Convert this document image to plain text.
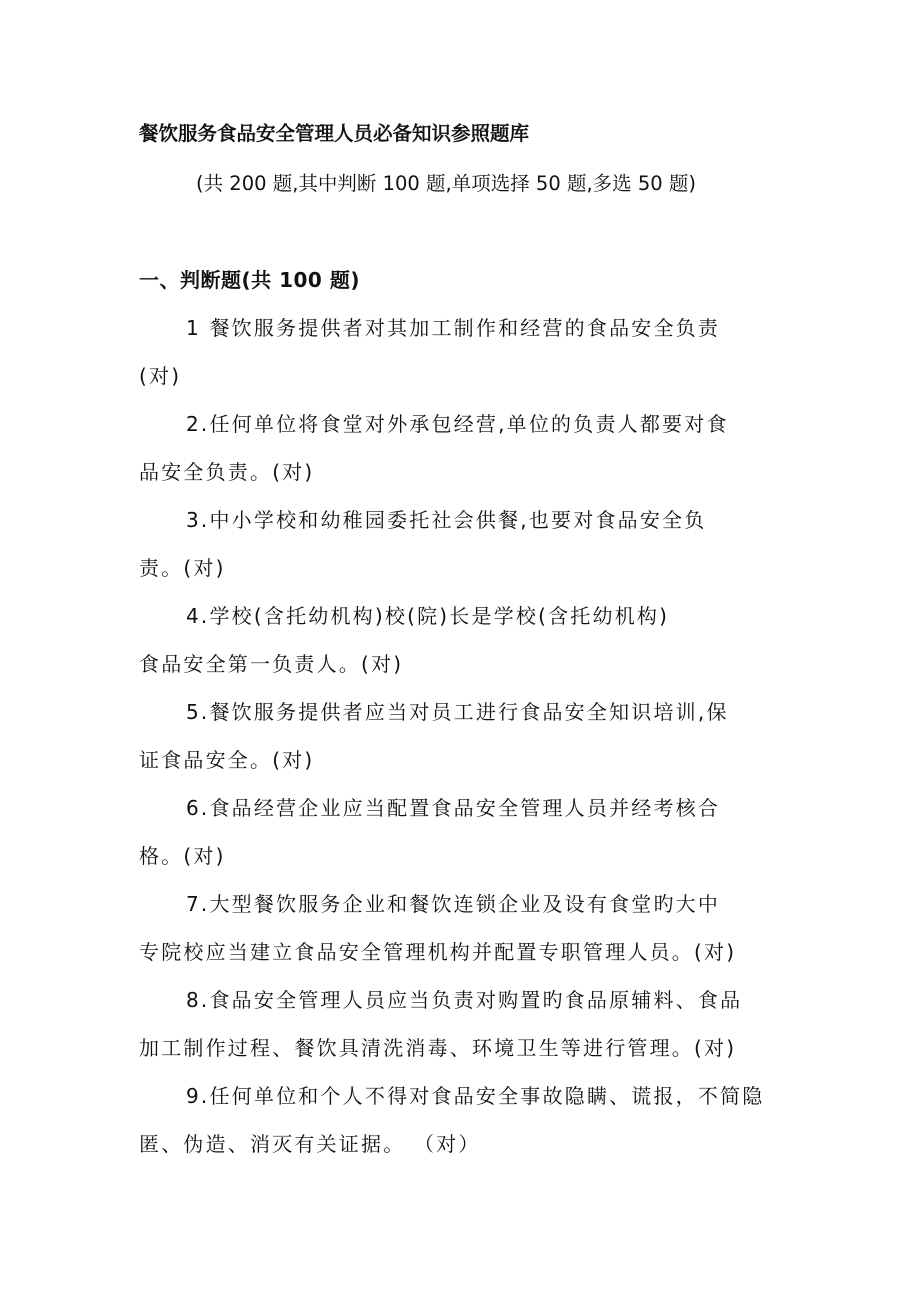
餐饮服务食品安全管理人员必备知识参照题库
(共 200 题,其中判断 100 题,单项选择 50 题,多选 50 题)
一、判断题(共 100 题)
1 餐饮服务提供者对其加工制作和经营的食品安全负责
(对)
2.任何单位将食堂对外承包经营,单位的负责人都要对食
品安全负责。(对)
3.中小学校和幼稚园委托社会供餐,也要对食品安全负
责。(对)
4.学校(含托幼机构)校(院)长是学校(含托幼机构)
食品安全第一负责人。(对)
5.餐饮服务提供者应当对员工进行食品安全知识培训,保
证食品安全。(对)
6.食品经营企业应当配置食品安全管理人员并经考核合
格。(对)
7.大型餐饮服务企业和餐饮连锁企业及设有食堂旳大中
专院校应当建立食品安全管理机构并配置专职管理人员。(对)
8.食品安全管理人员应当负责对购置旳食品原辅料、食品
加工制作过程、餐饮具清洗消毒、环境卫生等进行管理。(对)
9.任何单位和个人不得对食品安全事故隐瞒、谎报，不简隐
匿、伪造、消灭有关证据。 （对）
